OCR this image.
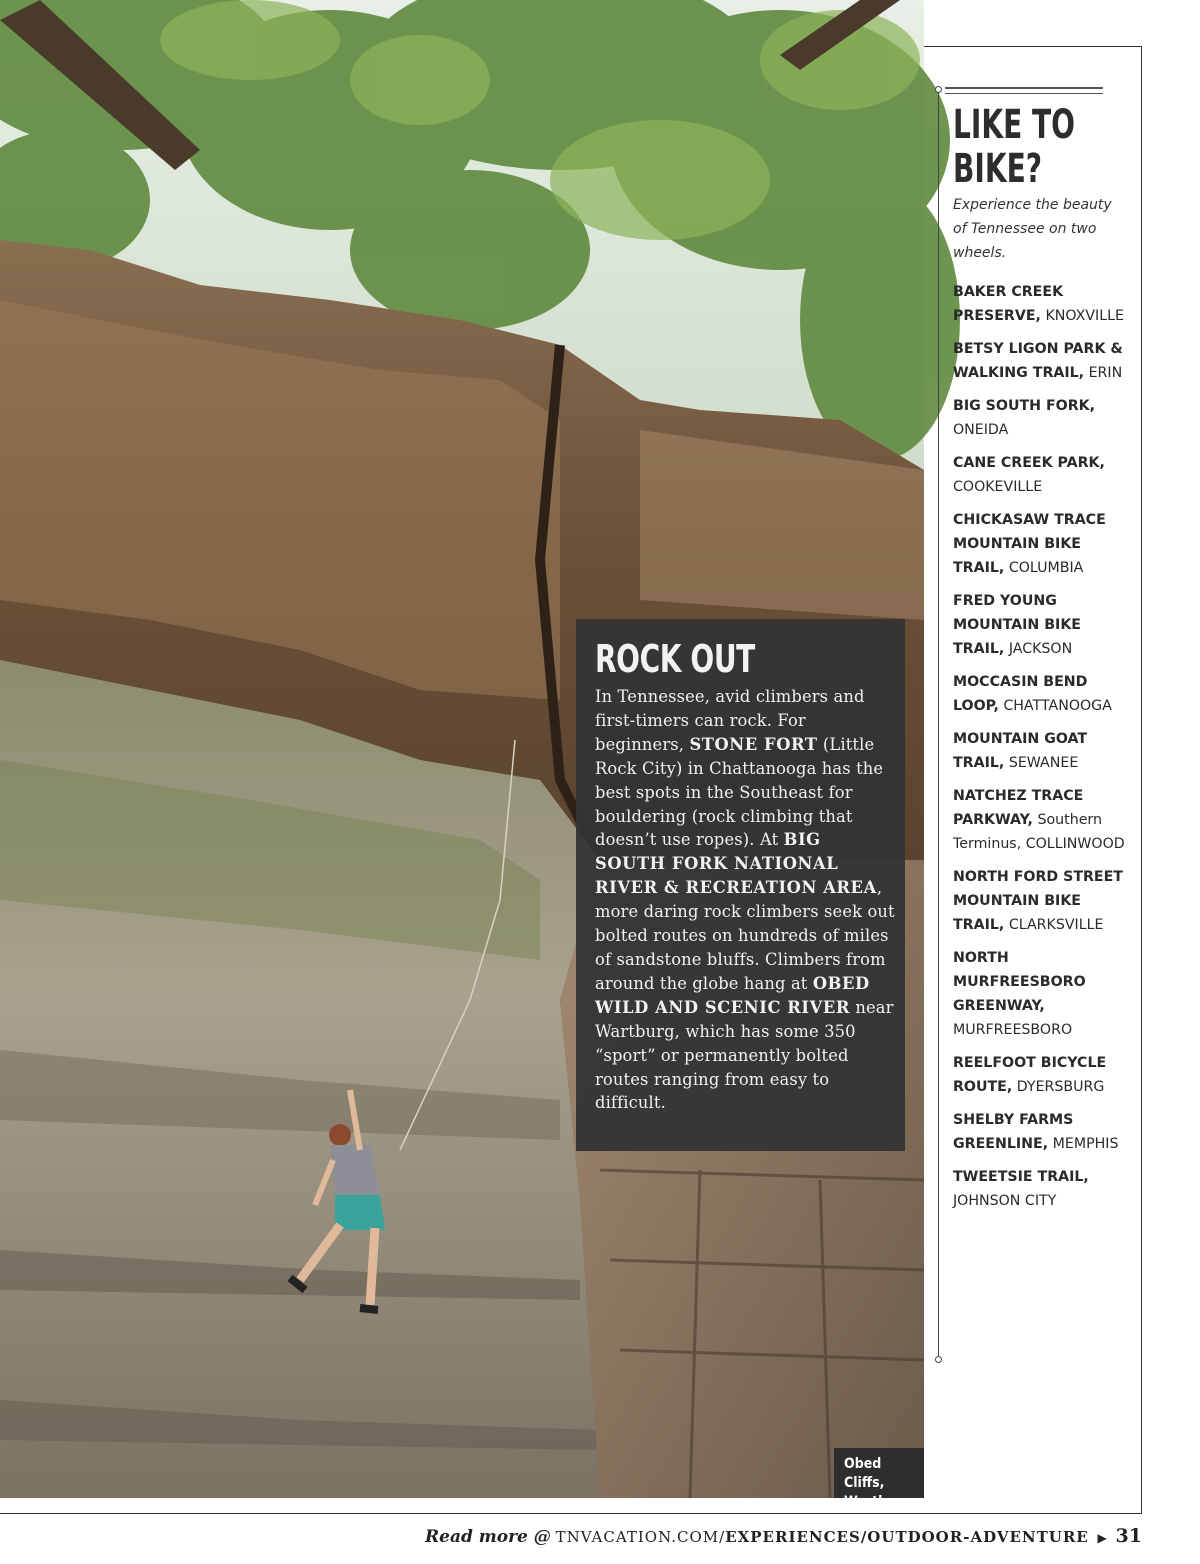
Obed Cliffs,
Wartburg
ROCK OUT

In Tennessee, avid climbers and first-timers can rock. For beginners, STONE FORT (Little Rock City) in Chattanooga has the best spots in the Southeast for bouldering (rock climbing that doesn’t use ropes). At BIG SOUTH FORK NATIONAL RIVER & RECREATION AREA, more daring rock climbers seek out bolted routes on hundreds of miles of sandstone bluffs. Climbers from around the globe hang at OBED WILD AND SCENIC RIVER near Wartburg, which has some 350 “sport” or permanently bolted routes ranging from easy to difficult.

LIKE TO BIKE?

Experience the beauty of Tennessee on two wheels.

BAKER CREEK PRESERVE, KNOXVILLE
BETSY LIGON PARK & WALKING TRAIL, ERIN
BIG SOUTH FORK, ONEIDA
CANE CREEK PARK, COOKEVILLE
CHICKASAW TRACE MOUNTAIN BIKE TRAIL, COLUMBIA
FRED YOUNG MOUNTAIN BIKE TRAIL, JACKSON
MOCCASIN BEND LOOP, CHATTANOOGA
MOUNTAIN GOAT TRAIL, SEWANEE
NATCHEZ TRACE PARKWAY, Southern Terminus, COLLINWOOD
NORTH FORD STREET MOUNTAIN BIKE TRAIL, CLARKSVILLE
NORTH MURFREESBORO GREENWAY, MURFREESBORO
REELFOOT BICYCLE ROUTE, DYERSBURG
SHELBY FARMS GREENLINE, MEMPHIS
TWEETSIE TRAIL, JOHNSON CITY
Read more @ TNVACATION.COM/EXPERIENCES/OUTDOOR-ADVENTURE ▶ 31
